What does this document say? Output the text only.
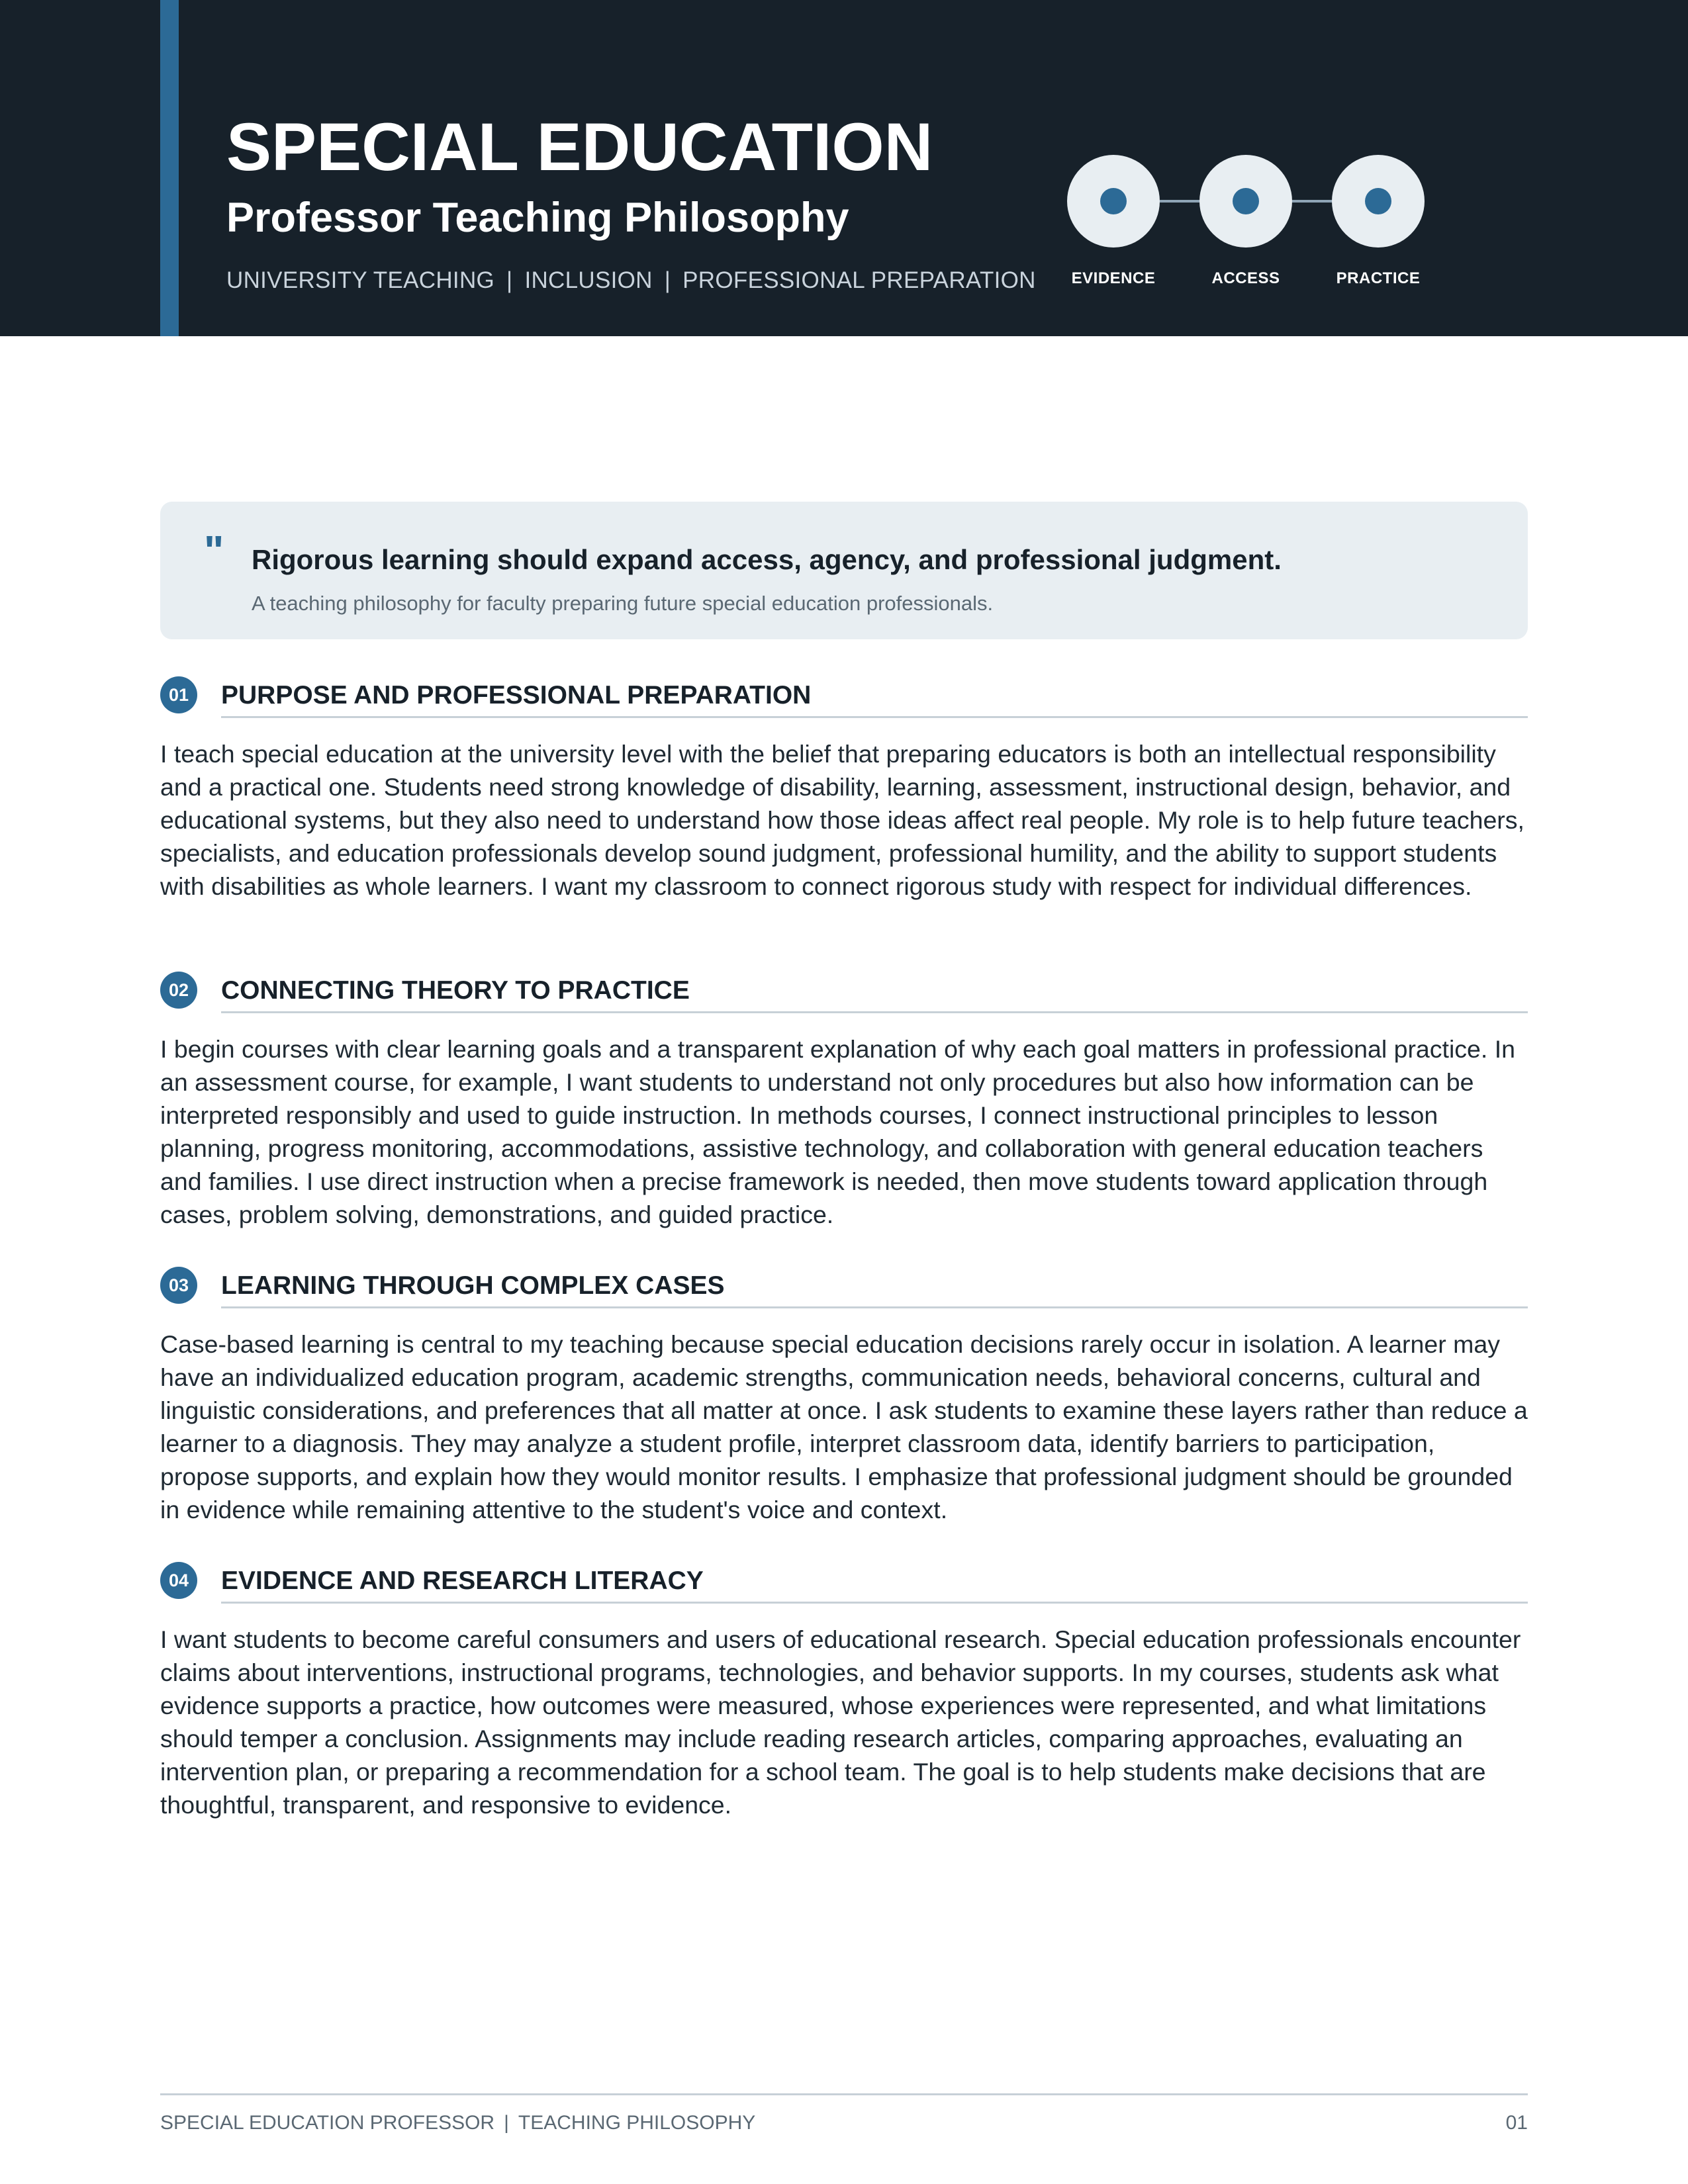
SPECIAL EDUCATION
Professor Teaching Philosophy
UNIVERSITY TEACHING | INCLUSION | PROFESSIONAL PREPARATION	EVIDENCE	ACCESS	PRACTICE
" Rigorous learning should expand access, agency, and professional judgment.
A teaching philosophy for faculty preparing future special education professionals.
01	PURPOSE AND PROFESSIONAL PREPARATION

I teach special education at the university level with the belief that preparing educators is both an intellectual responsibility and a practical one. Students need strong knowledge of disability, learning, assessment, instructional design, behavior, and educational systems, but they also need to understand how those ideas affect real people. My role is to help future teachers, specialists, and education professionals develop sound judgment, professional humility, and the ability to support students with disabilities as whole learners. I want my classroom to connect rigorous study with respect for individual differences.

02	CONNECTING THEORY TO PRACTICE

I begin courses with clear learning goals and a transparent explanation of why each goal matters in professional practice. In an assessment course, for example, I want students to understand not only procedures but also how information can be interpreted responsibly and used to guide instruction. In methods courses, I connect instructional principles to lesson planning, progress monitoring, accommodations, assistive technology, and collaboration with general education teachers and families. I use direct instruction when a precise framework is needed, then move students toward application through cases, problem solving, demonstrations, and guided practice.

03	LEARNING THROUGH COMPLEX CASES

Case-based learning is central to my teaching because special education decisions rarely occur in isolation. A learner may have an individualized education program, academic strengths, communication needs, behavioral concerns, cultural and linguistic considerations, and preferences that all matter at once. I ask students to examine these layers rather than reduce a learner to a diagnosis. They may analyze a student profile, interpret classroom data, identify barriers to participation, propose supports, and explain how they would monitor results. I emphasize that professional judgment should be grounded in evidence while remaining attentive to the student's voice and context.

04	EVIDENCE AND RESEARCH LITERACY

I want students to become careful consumers and users of educational research. Special education professionals encounter claims about interventions, instructional programs, technologies, and behavior supports. In my courses, students ask what evidence supports a practice, how outcomes were measured, whose experiences were represented, and what limitations should temper a conclusion. Assignments may include reading research articles, comparing approaches, evaluating an intervention plan, or preparing a recommendation for a school team. The goal is to help students make decisions that are thoughtful, transparent, and responsive to evidence.

SPECIAL EDUCATION PROFESSOR | TEACHING PHILOSOPHY	01
